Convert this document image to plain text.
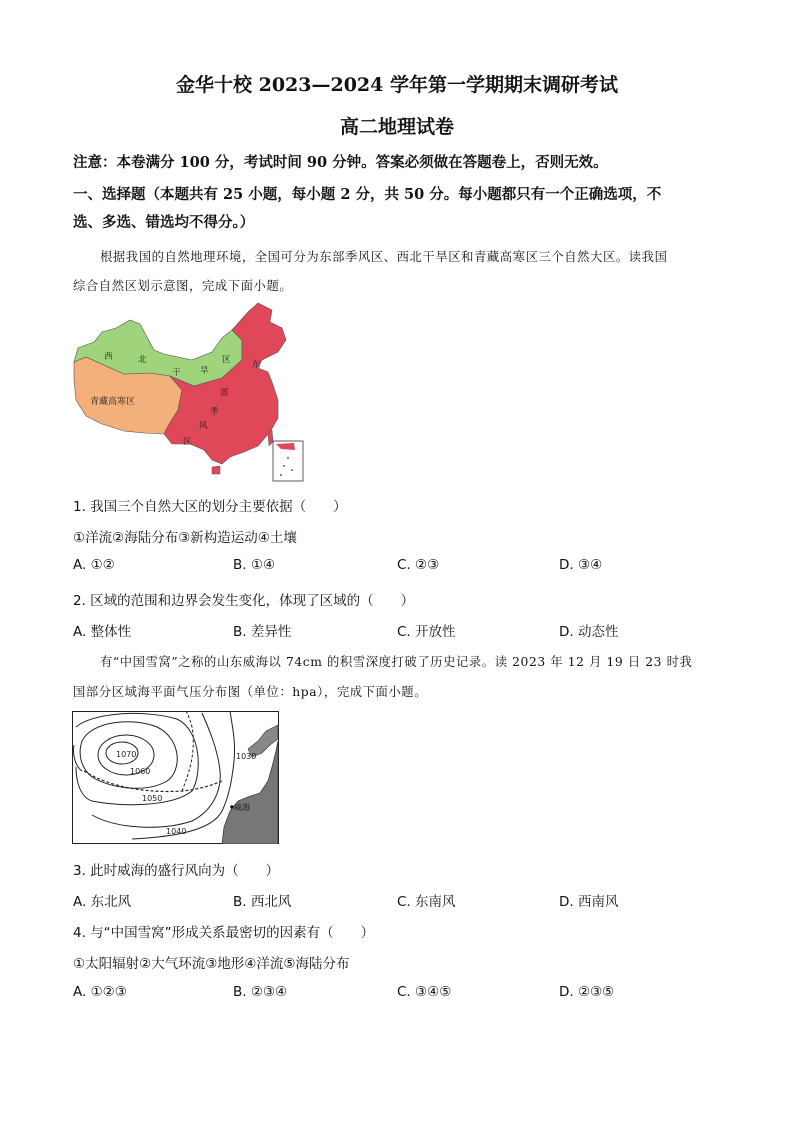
金华十校 2023—2024 学年第一学期期末调研考试
高二地理试卷
注意：本卷满分 100 分，考试时间 90 分钟。答案必须做在答题卷上，否则无效。
一、选择题（本题共有 25 小题，每小题 2 分，共 50 分。每小题都只有一个正确选项，不
选、多选、错选均不得分。）
根据我国的自然地理环境，全国可分为东部季风区、西北干旱区和青藏高寒区三个自然大区。读我国
综合自然区划示意图，完成下面小题。
西	北
干 旱
区
青藏高寒区
东
部
季
风
区
1. 我国三个自然大区的划分主要依据（　　）
①洋流②海陆分布③新构造运动④土壤
A. ①②	B. ①④	C. ②③	D. ③④
2. 区域的范围和边界会发生变化，体现了区域的（　　）
A. 整体性	B. 差异性	C. 开放性	D. 动态性
有“中国雪窝”之称的山东威海以 74cm 的积雪深度打破了历史记录。读 2023 年 12 月 19 日 23 时我
国部分区域海平面气压分布图（单位：hpa），完成下面小题。
1070
1060
1050
1040
1030
威海
3. 此时威海的盛行风向为（　　）
A. 东北风	B. 西北风	C. 东南风	D. 西南风
4. 与“中国雪窝”形成关系最密切的因素有（　　）
①太阳辐射②大气环流③地形④洋流⑤海陆分布
A. ①②③	B. ②③④	C. ③④⑤	D. ②③⑤
